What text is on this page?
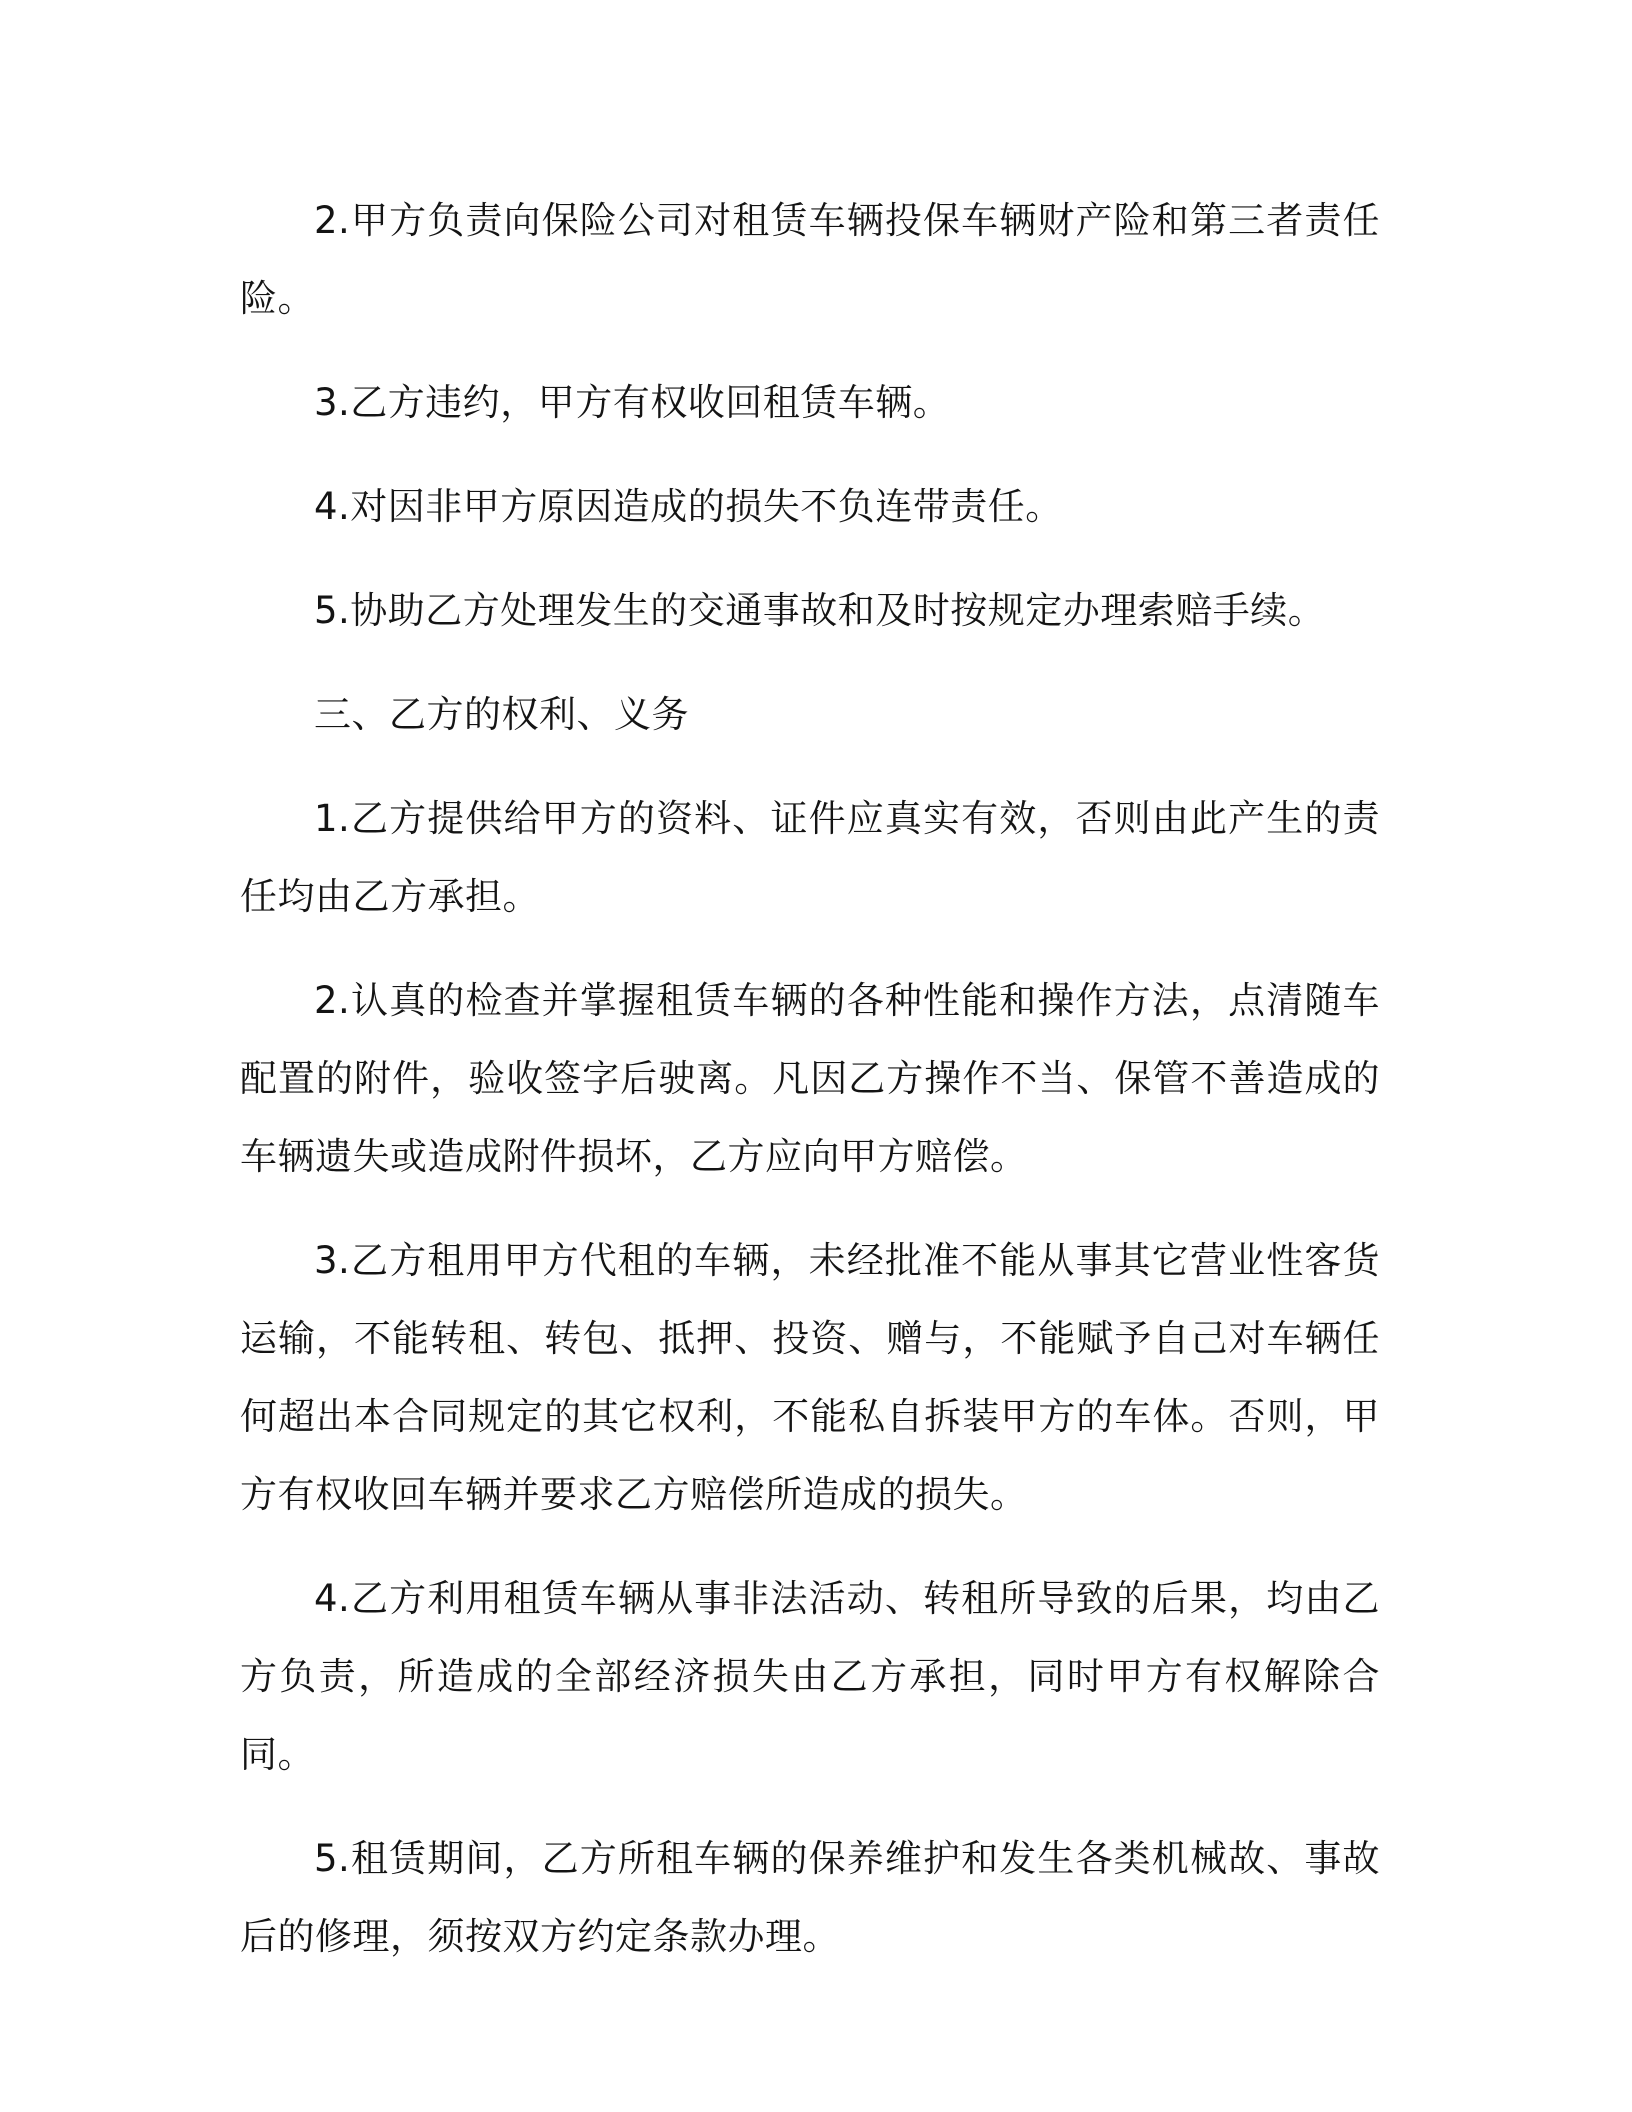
2.甲方负责向保险公司对租赁车辆投保车辆财产险和第三者责任险。

3.乙方违约，甲方有权收回租赁车辆。

4.对因非甲方原因造成的损失不负连带责任。

5.协助乙方处理发生的交通事故和及时按规定办理索赔手续。

三、乙方的权利、义务

1.乙方提供给甲方的资料、证件应真实有效，否则由此产生的责任均由乙方承担。

2.认真的检查并掌握租赁车辆的各种性能和操作方法，点清随车配置的附件，验收签字后驶离。凡因乙方操作不当、保管不善造成的车辆遗失或造成附件损坏，乙方应向甲方赔偿。

3.乙方租用甲方代租的车辆，未经批准不能从事其它营业性客货运输，不能转租、转包、抵押、投资、赠与，不能赋予自己对车辆任何超出本合同规定的其它权利，不能私自拆装甲方的车体。否则，甲方有权收回车辆并要求乙方赔偿所造成的损失。

4.乙方利用租赁车辆从事非法活动、转租所导致的后果，均由乙方负责，所造成的全部经济损失由乙方承担，同时甲方有权解除合同。

5.租赁期间，乙方所租车辆的保养维护和发生各类机械故、事故后的修理，须按双方约定条款办理。
